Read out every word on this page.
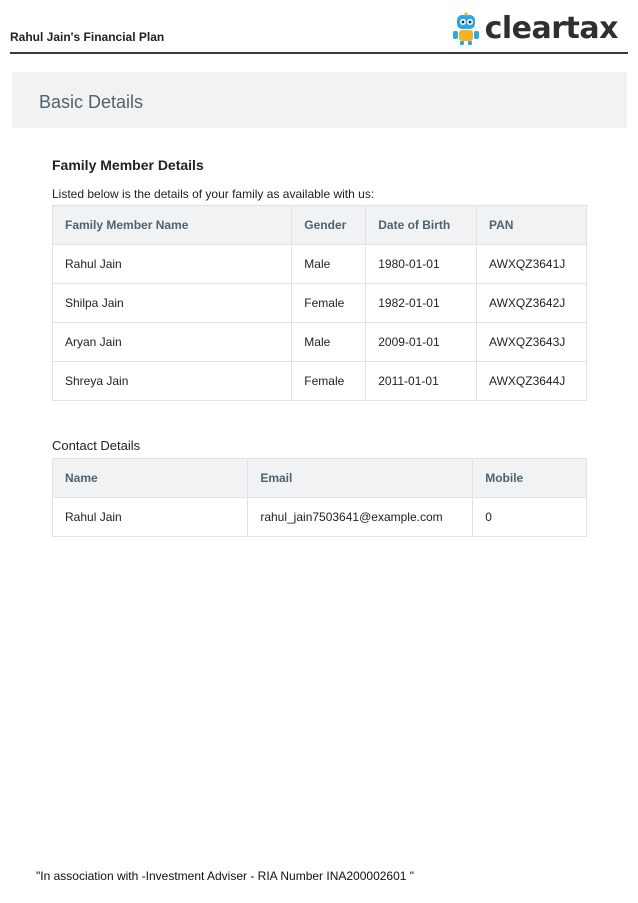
Rahul Jain's Financial Plan	cleartax
Basic Details
Family Member Details
Listed below is the details of your family as available with us:
Family Member Name	Gender	Date of Birth	PAN
Rahul Jain	Male	1980-01-01	AWXQZ3641J
Shilpa Jain	Female	1982-01-01	AWXQZ3642J
Aryan Jain	Male	2009-01-01	AWXQZ3643J
Shreya Jain	Female	2011-01-01	AWXQZ3644J
Contact Details
Name	Email	Mobile
Rahul Jain	rahul_jain7503641@example.com	0
"In association with -Investment Adviser - RIA Number INA200002601 "
